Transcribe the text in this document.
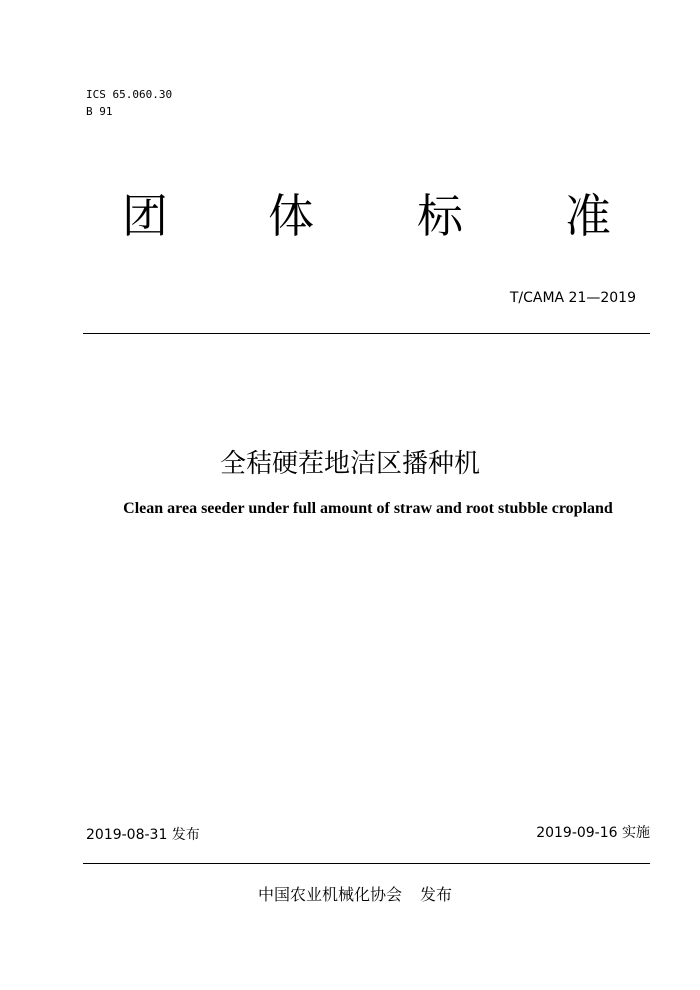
ICS 65.060.30
B 91
团 体 标 准
T/CAMA 21—2019
全秸硬茬地洁区播种机
Clean area seeder under full amount of straw and root stubble cropland
2019-08-31 发布	2019-09-16 实施
中国农业机械化协会 发布
